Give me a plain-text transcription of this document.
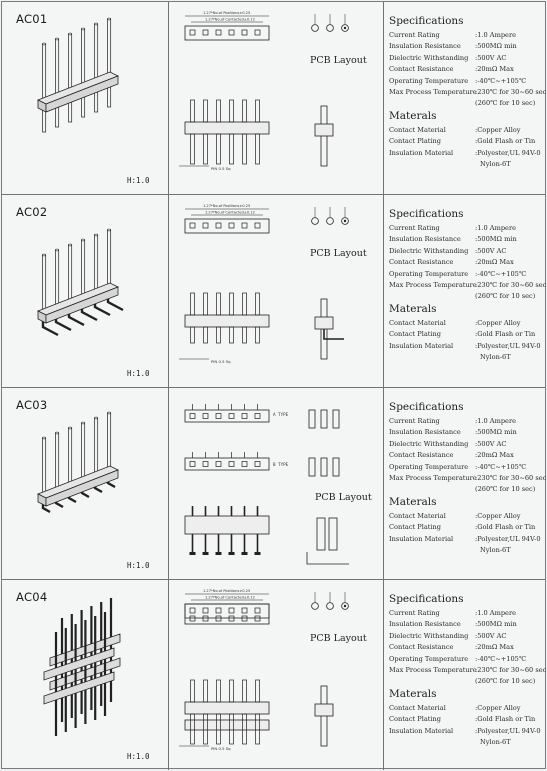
AC01
H:1.0
1.27*No.of Positions±0.25
1.27*No.of Contacted±0.12
PIN 0.5 Sq
PCB Layout
Specifications
Current Rating	:1.0 Ampere
Insulation Resistance :500MΩ min
Dielectric Withstanding :500V AC
Contact Resistance	:20mΩ Max
Operating Temperature :-40℃~+105℃
Max Process Temperature
:230℃ for 30~60 sec
(260℃ for 10 sec)
Materals
Contact Material	:Copper Alloy
Contact Plating	:Gold Flash or Tin
Insulation Material	:Polyester,UL 94V-0
Nylon-6T
AC02
H:1.0
1.27*No.of Positions±0.25
1.27*No.of Contacted±0.12
PIN 0.5 Sq
PCB Layout
Specifications
Current Rating	:1.0 Ampere
Insulation Resistance :500MΩ min
Dielectric Withstanding :500V AC
Contact Resistance	:20mΩ Max
Operating Temperature :-40℃~+105℃
Max Process Temperature
:230℃ for 30~60 sec
(260℃ for 10 sec)
Materals
Contact Material	:Copper Alloy
Contact Plating	:Gold Flash or Tin
Insulation Material	:Polyester,UL 94V-0
Nylon-6T
AC03
H:1.0
A TYPE
B TYPE
PCB Layout
Specifications
Current Rating	:1.0 Ampere
Insulation Resistance :500MΩ min
Dielectric Withstanding :500V AC
Contact Resistance	:20mΩ Max
Operating Temperature :-40℃~+105℃
Max Process Temperature
:230℃ for 30~60 sec
(260℃ for 10 sec)
Materals
Contact Material	:Copper Alloy
Contact Plating	:Gold Flash or Tin
Insulation Material	:Polyester,UL 94V-0
Nylon-6T
AC04
H:1.0
1.27*No.of Positions±0.25
1.27*No.of Contacted±0.12
PIN 0.5 Sq
PCB Layout
Specifications
Current Rating	:1.0 Ampere
Insulation Resistance :500MΩ min
Dielectric Withstanding :500V AC
Contact Resistance	:20mΩ Max
Operating Temperature :-40℃~+105℃
Max Process Temperature
:230℃ for 30~60 sec
(260℃ for 10 sec)
Materals
Contact Material	:Copper Alloy
Contact Plating	:Gold Flash or Tin
Insulation Material	:Polyester,UL 94V-0
Nylon-6T
